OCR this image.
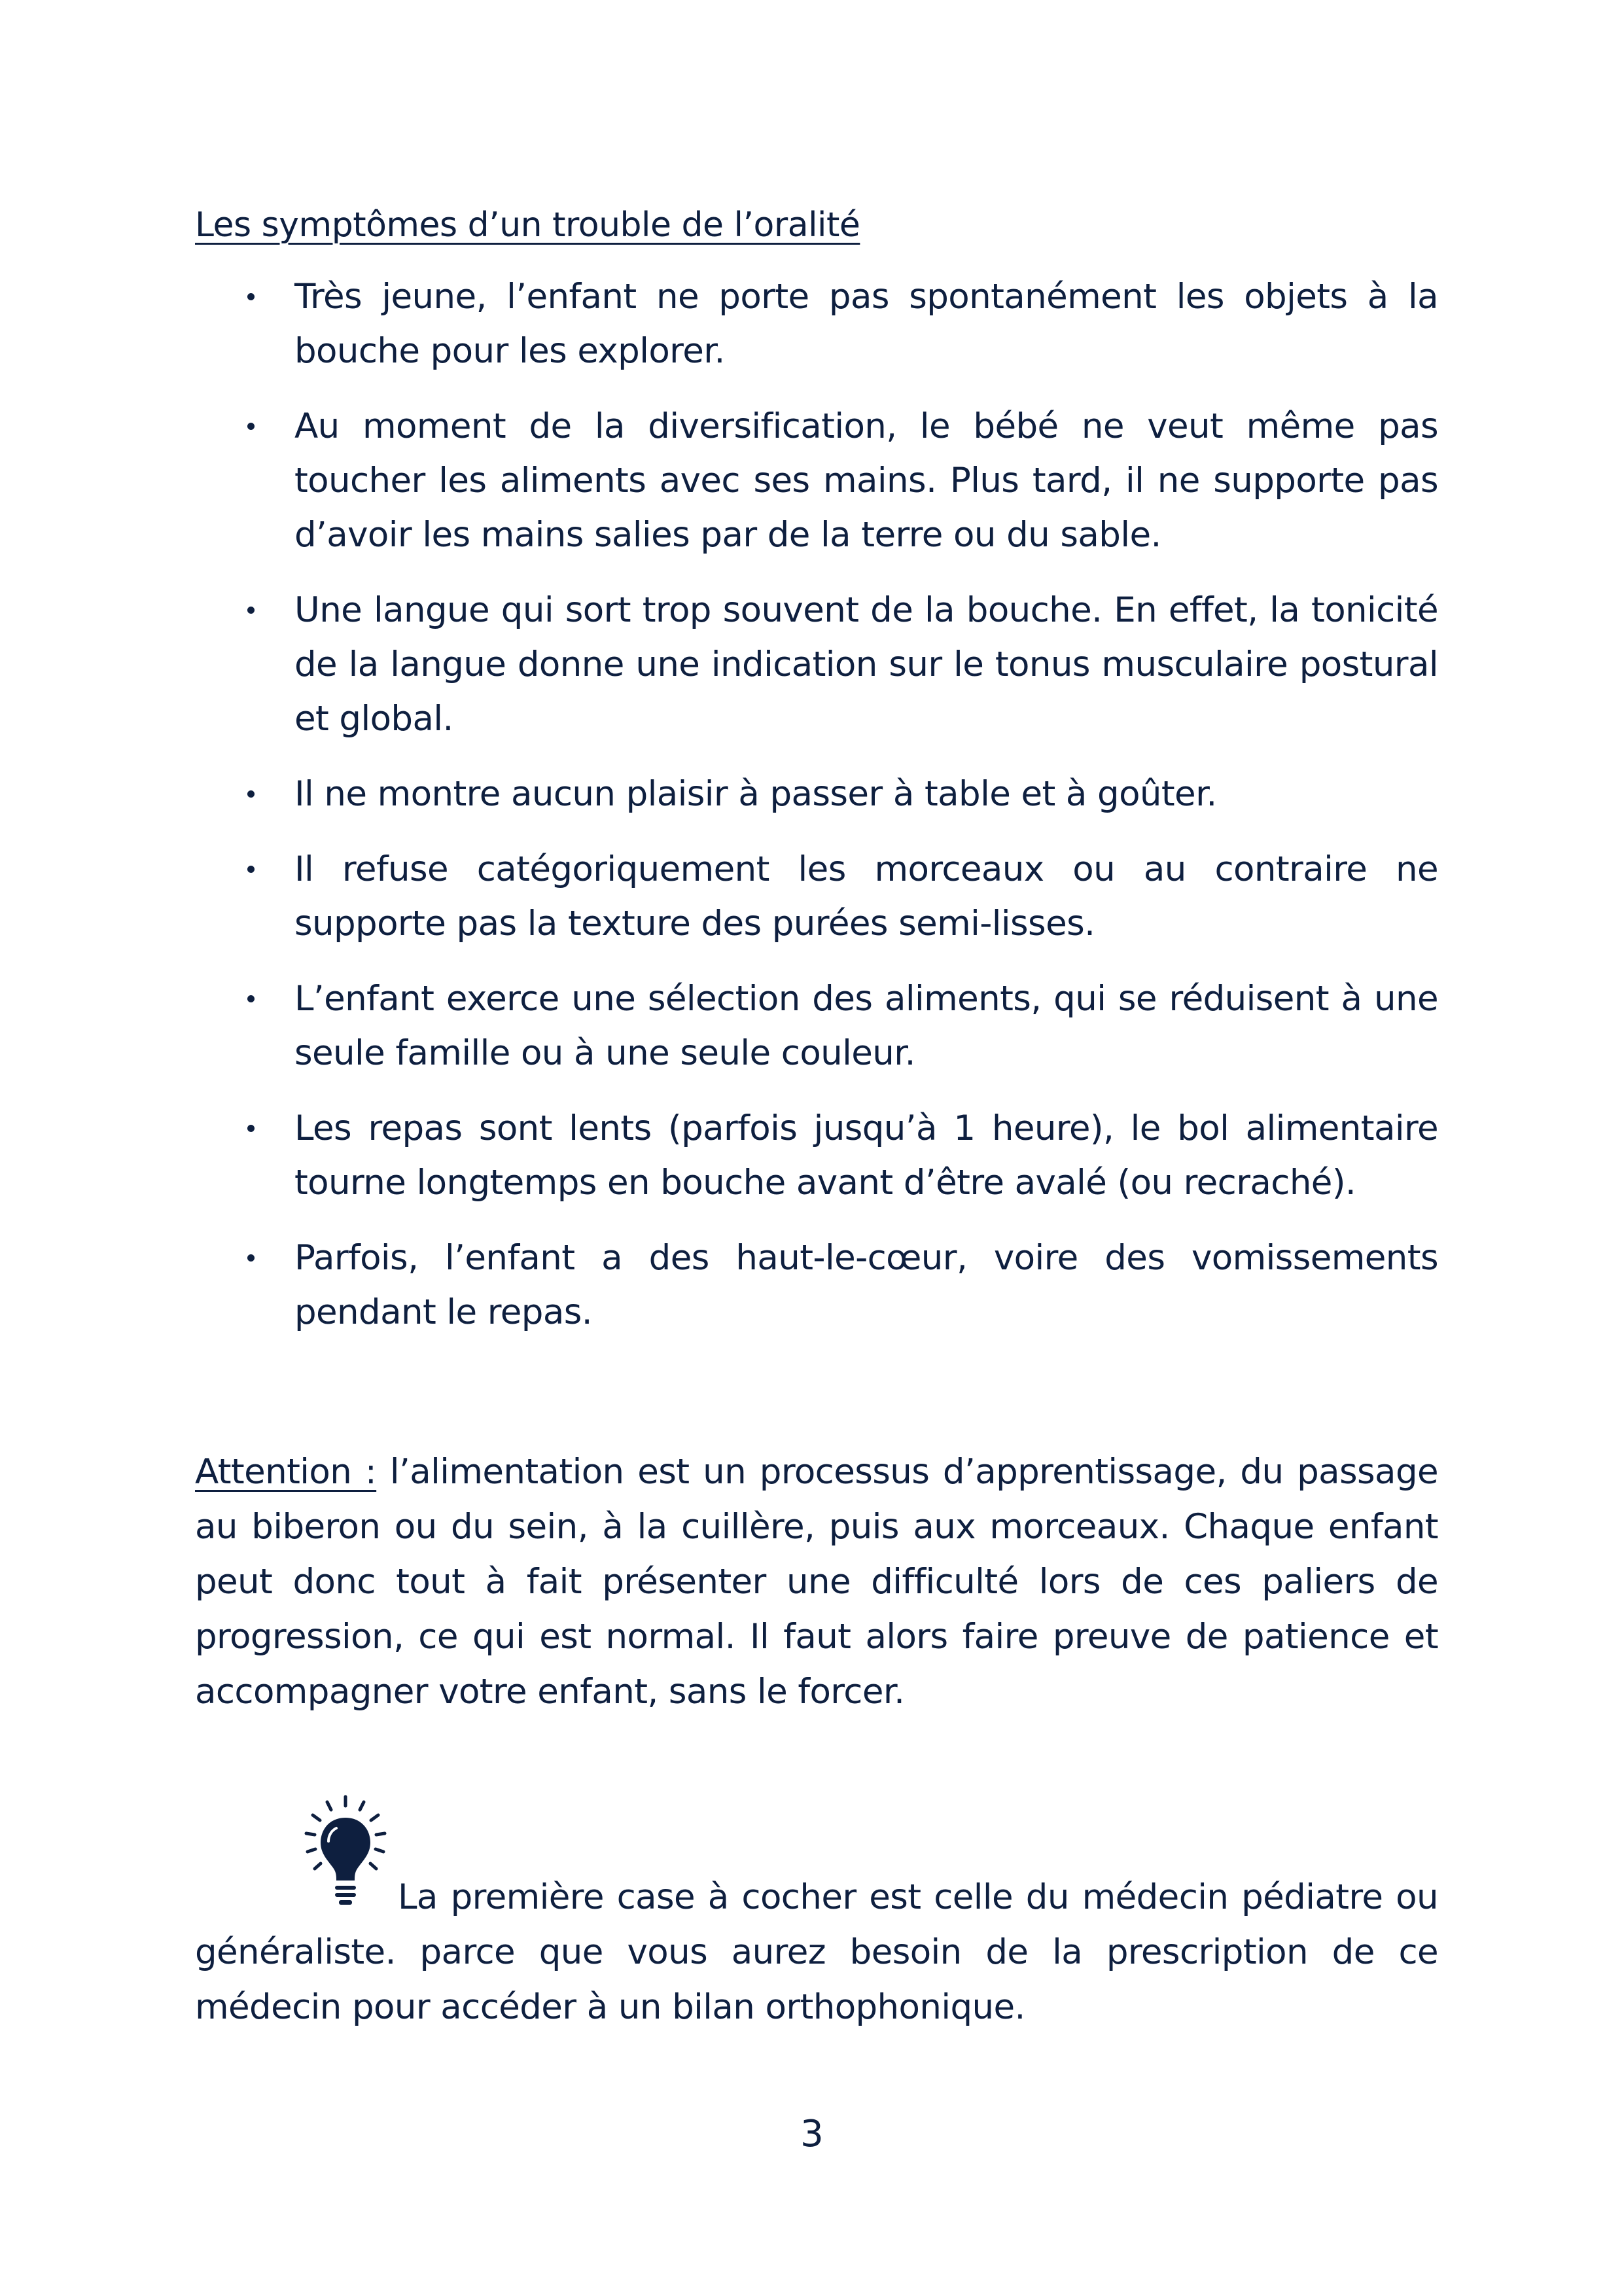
Les symptômes d’un trouble de l’oralité
Très jeune, l’enfant ne porte pas spontanément les objets à la bouche pour les explorer.
Au moment de la diversification, le bébé ne veut même pas toucher les aliments avec ses mains. Plus tard, il ne supporte pas d’avoir les mains salies par de la terre ou du sable.
Une langue qui sort trop souvent de la bouche. En effet, la tonicité de la langue donne une indication sur le tonus musculaire postural et global.
Il ne montre aucun plaisir à passer à table et à goûter.
Il refuse catégoriquement les morceaux ou au contraire ne supporte pas la texture des purées semi-lisses.
L’enfant exerce une sélection des aliments, qui se réduisent à une seule famille ou à une seule couleur.
Les repas sont lents (parfois jusqu’à 1 heure), le bol alimentaire tourne longtemps en bouche avant d’être avalé (ou recraché).
Parfois, l’enfant a des haut-le-cœur, voire des vomissements pendant le repas.

Attention : l’alimentation est un processus d’apprentissage, du passage au biberon ou du sein, à la cuillère, puis aux morceaux. Chaque enfant peut donc tout à fait présenter une difficulté lors de ces paliers de progression, ce qui est normal. Il faut alors faire preuve de patience et accompagner votre enfant, sans le forcer.

La première case à cocher est celle du médecin pédiatre ou généraliste. parce que vous aurez besoin de la prescription de ce médecin pour accéder à un bilan orthophonique.

3
